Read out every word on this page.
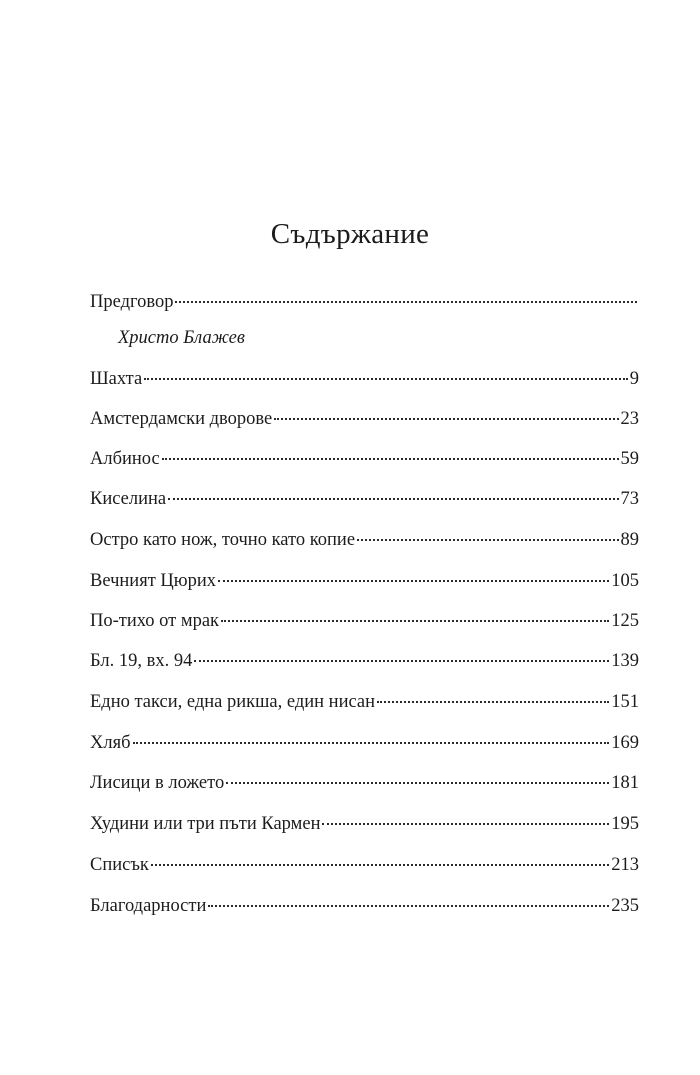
Съдържание
Предговор
Христо Блажев
Шахта	9
Амстердамски дворове	23
Албинос	59
Киселина	73
Остро като нож, точно като копие	89
Вечният Цюрих	105
По-тихо от мрак	125
Бл. 19, вх. 94	139
Едно такси, една рикша, един нисан	151
Хляб	169
Лисици в ложето	181
Худини или три пъти Кармен	195
Списък	213
Благодарности	235
